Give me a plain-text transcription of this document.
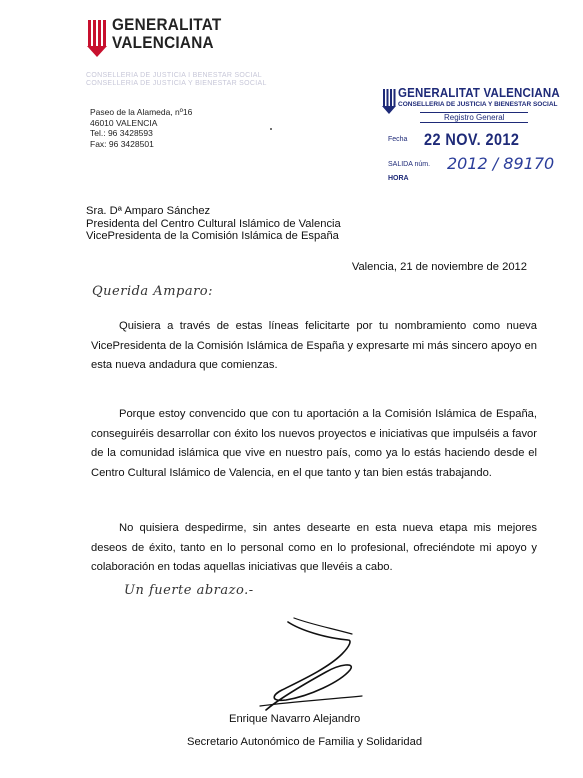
GENERALITAT
VALENCIANA
CONSELLERIA DE JUSTICIA I BENESTAR SOCIAL
CONSELLERIA DE JUSTICIA Y BIENESTAR SOCIAL
Paseo de la Alameda, nº16
46010 VALENCIA
Tel.: 96 3428593
Fax: 96 3428501
GENERALITAT VALENCIANA
CONSELLERIA DE JUSTICIA Y BIENESTAR SOCIAL
Registro General
Fecha 22 NOV. 2012
SALIDA núm. 2012 / 89170
HORA
Sra. Dª Amparo Sánchez
Presidenta del Centro Cultural Islámico de Valencia
VicePresidenta de la Comisión Islámica de España
Valencia, 21 de noviembre de 2012
Querida Amparo:
Quisiera a través de estas líneas felicitarte por tu nombramiento como nueva VicePresidenta de la Comisión Islámica de España y expresarte mi más sincero apoyo en esta nueva andadura que comienzas.
Porque estoy convencido que con tu aportación a la Comisión Islámica de España, conseguiréis desarrollar con éxito los nuevos proyectos e iniciativas que impulséis a favor de la comunidad islámica que vive en nuestro país, como ya lo estás haciendo desde el Centro Cultural Islámico de Valencia, en el que tanto y tan bien estás trabajando.
No quisiera despedirme, sin antes desearte en esta nueva etapa mis mejores deseos de éxito, tanto en lo personal como en lo profesional, ofreciéndote mi apoyo y colaboración en todas aquellas iniciativas que llevéis a cabo.
Un fuerte abrazo.-
Enrique Navarro Alejandro
Secretario Autonómico de Familia y Solidaridad
